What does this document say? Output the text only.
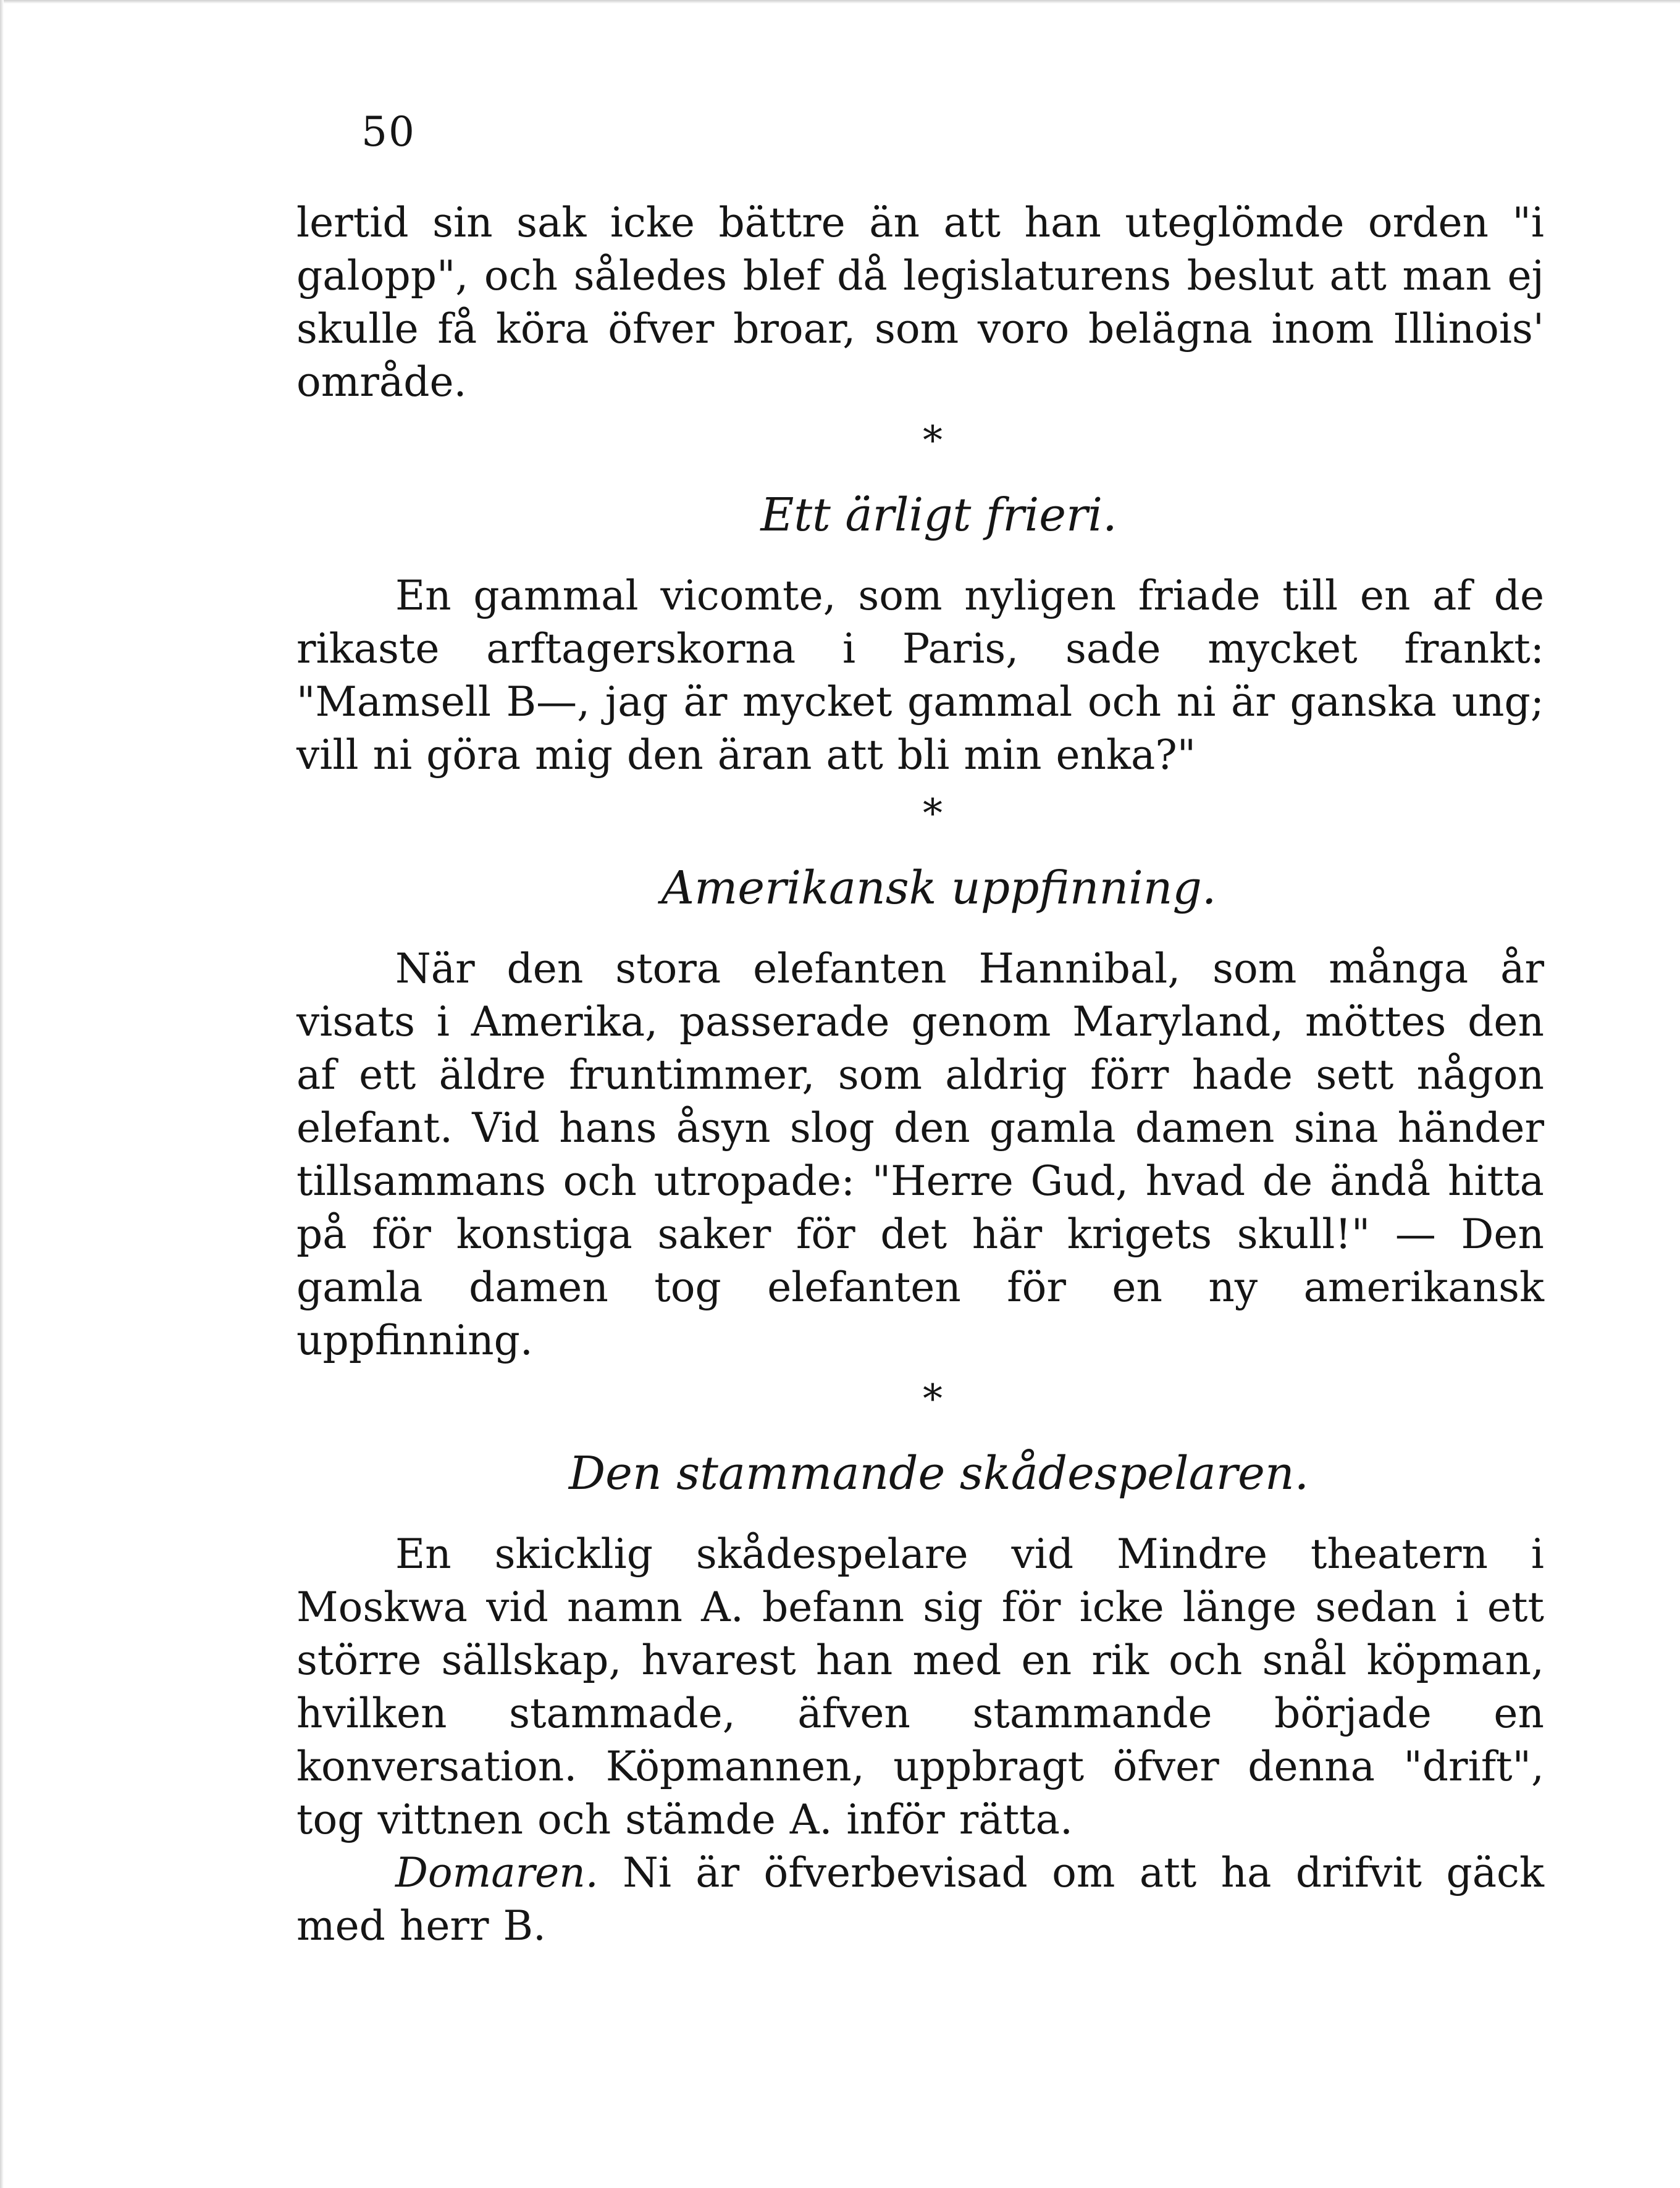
50

lertid sin sak icke bättre än att han uteglömde orden "i galopp", och således blef då legislaturens beslut att man ej skulle få köra öfver broar, som voro belägna inom Illinois' område.

*
Ett ärligt frieri.

En gammal vicomte, som nyligen friade till en af de rikaste arftagerskorna i Paris, sade mycket frankt: "Mamsell B—, jag är mycket gammal och ni är ganska ung; vill ni göra mig den äran att bli min enka?"

*
Amerikansk uppfinning.

När den stora elefanten Hannibal, som många år visats i Amerika, passerade genom Maryland, möttes den af ett äldre fruntimmer, som aldrig förr hade sett någon elefant. Vid hans åsyn slog den gamla damen sina händer tillsammans och utropade: "Herre Gud, hvad de ändå hitta på för konstiga saker för det här krigets skull!" — Den gamla damen tog elefanten för en ny amerikansk uppfinning.

*
Den stammande skådespelaren.

En skicklig skådespelare vid Mindre theatern i Moskwa vid namn A. befann sig för icke länge sedan i ett större sällskap, hvarest han med en rik och snål köpman, hvilken stammade, äfven stammande började en konversation. Köpmannen, uppbragt öfver denna "drift", tog vittnen och stämde A. inför rätta.

Domaren. Ni är öfverbevisad om att ha drifvit gäck med herr B.
